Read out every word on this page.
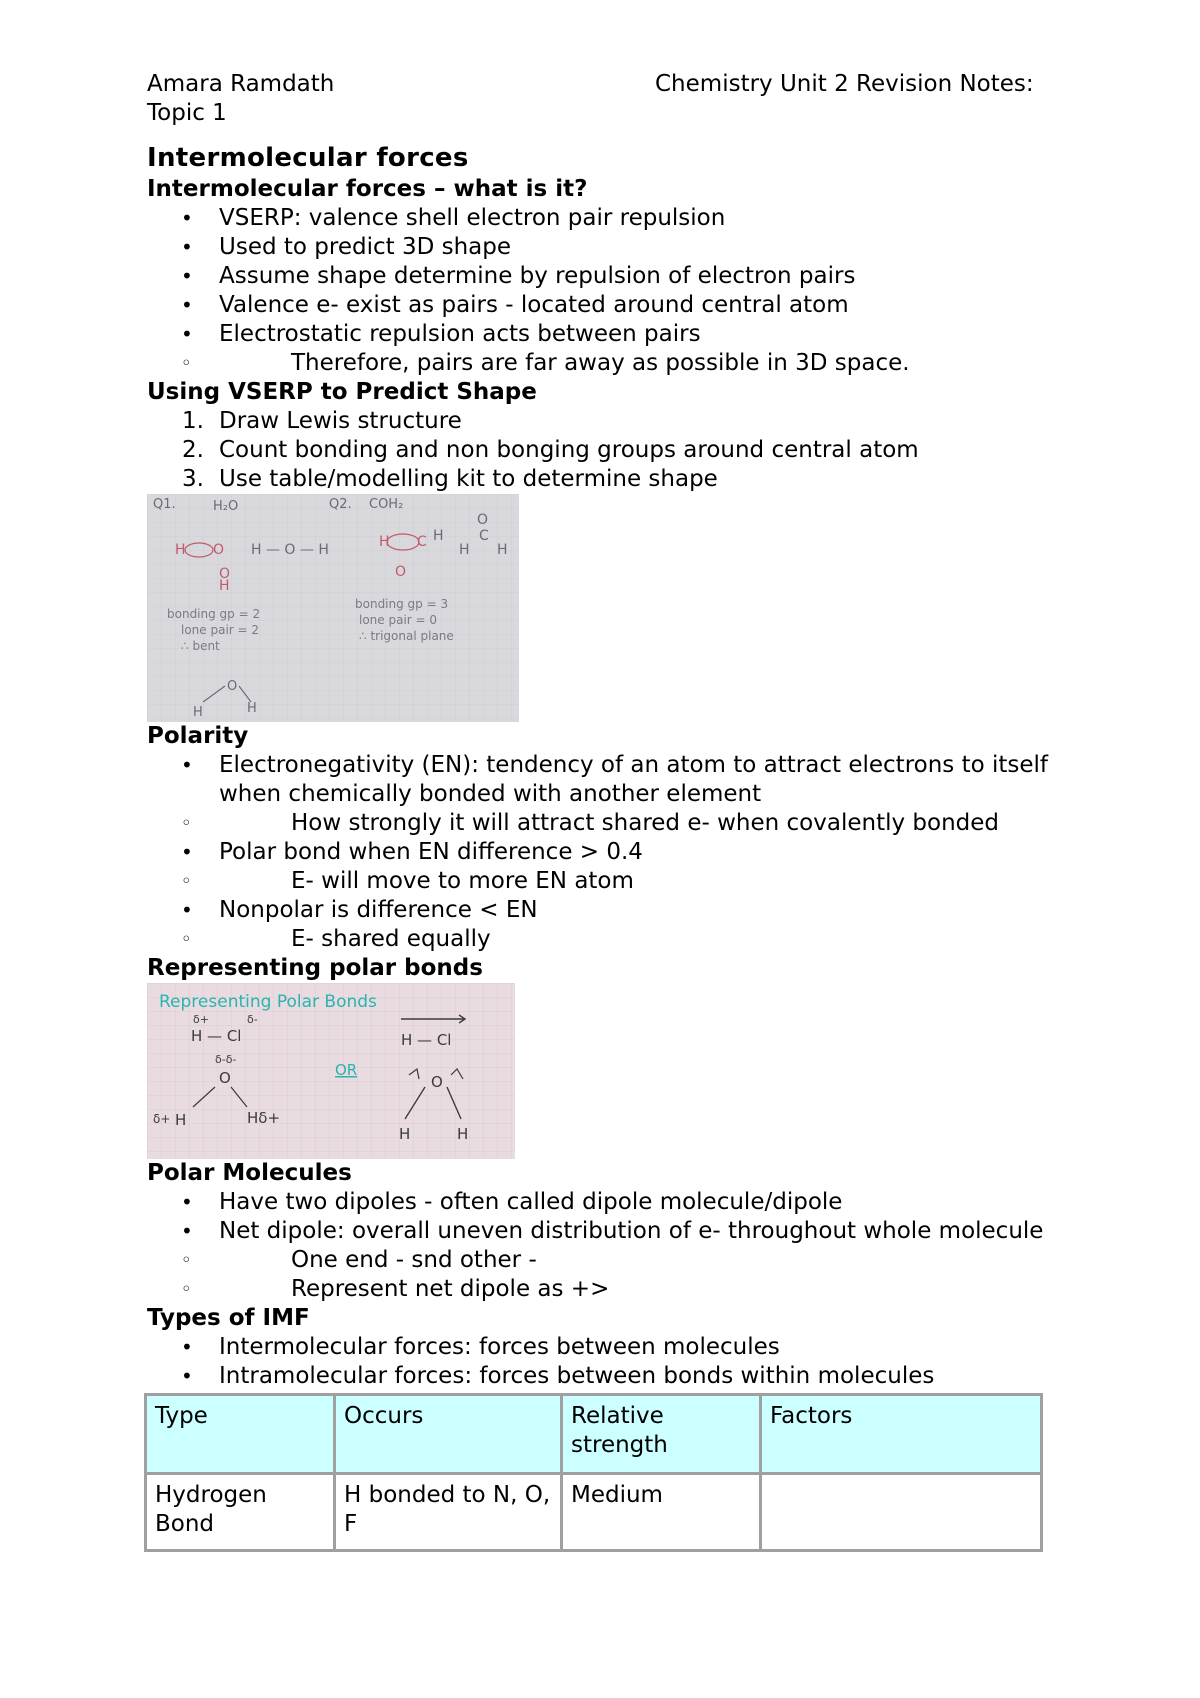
Amara Ramdath	Chemistry Unit 2 Revision Notes:
Topic 1
Intermolecular forces
Intermolecular forces – what is it?
• VSERP: valence shell electron pair repulsion
• Used to predict 3D shape
• Assume shape determine by repulsion of electron pairs
• Valence e- exist as pairs - located around central atom
• Electrostatic repulsion acts between pairs
◦ Therefore, pairs are far away as possible in 3D space.
Using VSERP to Predict Shape
1. Draw Lewis structure
2. Count bonding and non bonging groups around central atom
3. Use table/modelling kit to determine shape
Q1.	H₂O	Q2. COH₂
H O
O
H
H — O — H	H C H
O
H
O
C
H
bonding gp = 2
lone pair = 2
∴ bent
bonding gp = 3
lone pair = 0
∴ trigonal plane
O
H	H
Polarity
• Electronegativity (EN): tendency of an atom to attract electrons to itself when chemically bonded with another element
◦ How strongly it will attract shared e- when covalently bonded
• Polar bond when EN difference > 0.4
◦ E- will move to more EN atom
• Nonpolar is difference < EN
◦ E- shared equally
Representing polar bonds
Representing Polar Bonds
OR
δ+	δ-
H — Cl
δ-δ-
O
δ+ H	Hδ+
H — Cl
O
H	H
Polar Molecules
• Have two dipoles - often called dipole molecule/dipole
• Net dipole: overall uneven distribution of e- throughout whole molecule
◦ One end - snd other -
◦ Represent net dipole as +>
Types of IMF
• Intermolecular forces: forces between molecules
• Intramolecular forces: forces between bonds within molecules
Type	Occurs	Relative strength	Factors
Hydrogen Bond	H bonded to N, O, F	Medium	
